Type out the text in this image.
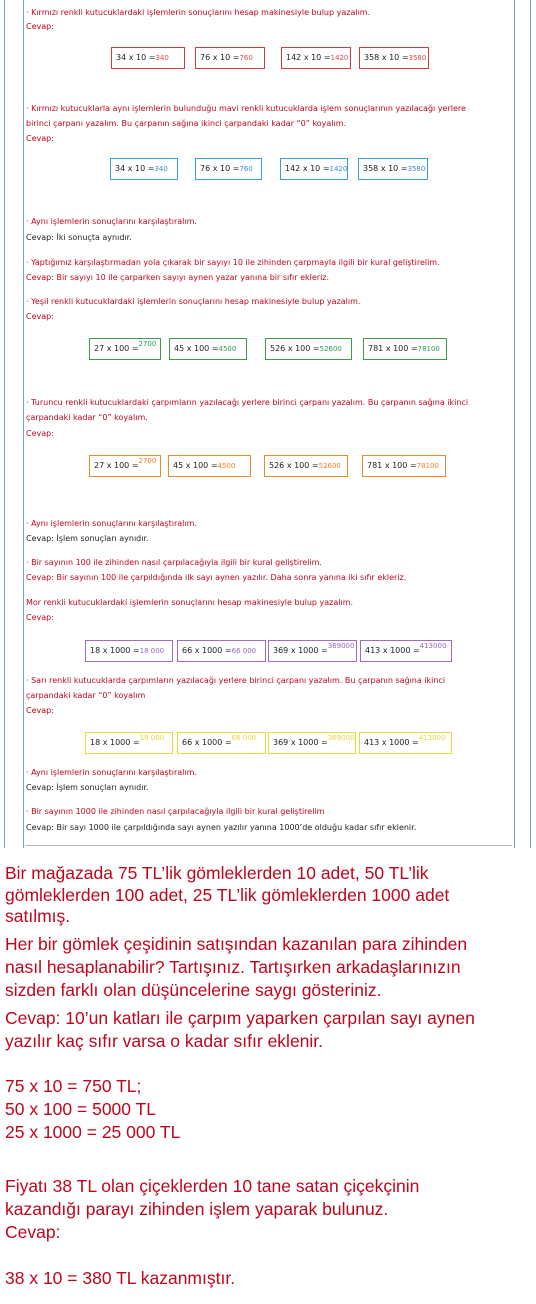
· Kırmızı renkli kutucuklardaki işlemlerin sonuçlarını hesap makinesiyle bulup yazalım.
Cevap:
34 x 10 =340	76 x 10 =760	142 x 10 =1420	358 x 10 =3580
· Kırmızı kutucuklarla aynı işlemlerin bulunduğu mavi renkli kutucuklarda işlem sonuçlarının yazılacağı yerlere
birinci çarpanı yazalım. Bu çarpanın sağına ikinci çarpandaki kadar “0” koyalım.
Cevap:
34 x 10 =340	76 x 10 =760	142 x 10 =1420	358 x 10 =3580
· Aynı işlemlerin sonuçlarını karşılaştıralım.
Cevap: İki sonuçta aynıdır.
· Yaptığımız karşılaştırmadan yola çıkarak bir sayıyı 10 ile zihinden çarpmayla ilgili bir kural geliştirelim.
Cevap: Bir sayıyı 10 ile çarparken sayıyı aynen yazar yanına bir sıfır ekleriz.
· Yeşil renkli kutucuklardaki işlemlerin sonuçlarını hesap makinesiyle bulup yazalım.
Cevap:
27 x 100 =2700	45 x 100 =4500	526 x 100 =52600	781 x 100 =78100
· Turuncu renkli kutucuklardaki çarpımların yazılacağı yerlere birinci çarpanı yazalım. Bu çarpanın sağına ikinci
çarpandaki kadar “0” koyalım.
Cevap:
27 x 100 =2700	45 x 100 =4500	526 x 100 =52600	781 x 100 =78100
· Aynı işlemlerin sonuçlarını karşılaştıralım.
Cevap: İşlem sonuçları aynıdır.
· Bir sayının 100 ile zihinden nasıl çarpılacağıyla ilgili bir kural geliştirelim.
Cevap: Bir sayının 100 ile çarpıldığında ilk sayı aynen yazılır. Daha sonra yanına iki sıfır ekleriz.
Mor renkli kutucuklardaki işlemlerin sonuçlarını hesap makinesiyle bulup yazalım.
Cevap:
18 x 1000 =18 000	66 x 1000 =66 000	369 x 1000 =369000	413 x 1000 =413000
· Sarı renkli kutucuklarda çarpımların yazılacağı yerlere birinci çarpanı yazalım. Bu çarpanın sağına ikinci
çarpandaki kadar “0” koyalım
Cevap:
18 x 1000 =18 000	66 x 1000 =66 000	369 x 1000 =369000	413 x 1000 =413000
· Aynı işlemlerin sonuçlarını karşılaştıralım.
Cevap: İşlem sonuçları aynıdır.
· Bir sayının 1000 ile zihinden nasıl çarpılacağıyla ilgili bir kural geliştirelim
Cevap: Bir sayı 1000 ile çarpıldığında sayı aynen yazılır yanına 1000’de olduğu kadar sıfır eklenir.
Bir mağazada 75 TL’lik gömleklerden 10 adet, 50 TL’lik
gömleklerden 100 adet, 25 TL’lik gömleklerden 1000 adet
satılmış.
Her bir gömlek çeşidinin satışından kazanılan para zihinden
nasıl hesaplanabilir? Tartışınız. Tartışırken arkadaşlarınızın
sizden farklı olan düşüncelerine saygı gösteriniz.
Cevap: 10’un katları ile çarpım yaparken çarpılan sayı aynen
yazılır kaç sıfır varsa o kadar sıfır eklenir.
75 x 10 = 750 TL;
50 x 100 = 5000 TL
25 x 1000 = 25 000 TL
Fiyatı 38 TL olan çiçeklerden 10 tane satan çiçekçinin
kazandığı parayı zihinden işlem yaparak bulunuz.
Cevap:
38 x 10 = 380 TL kazanmıştır.
